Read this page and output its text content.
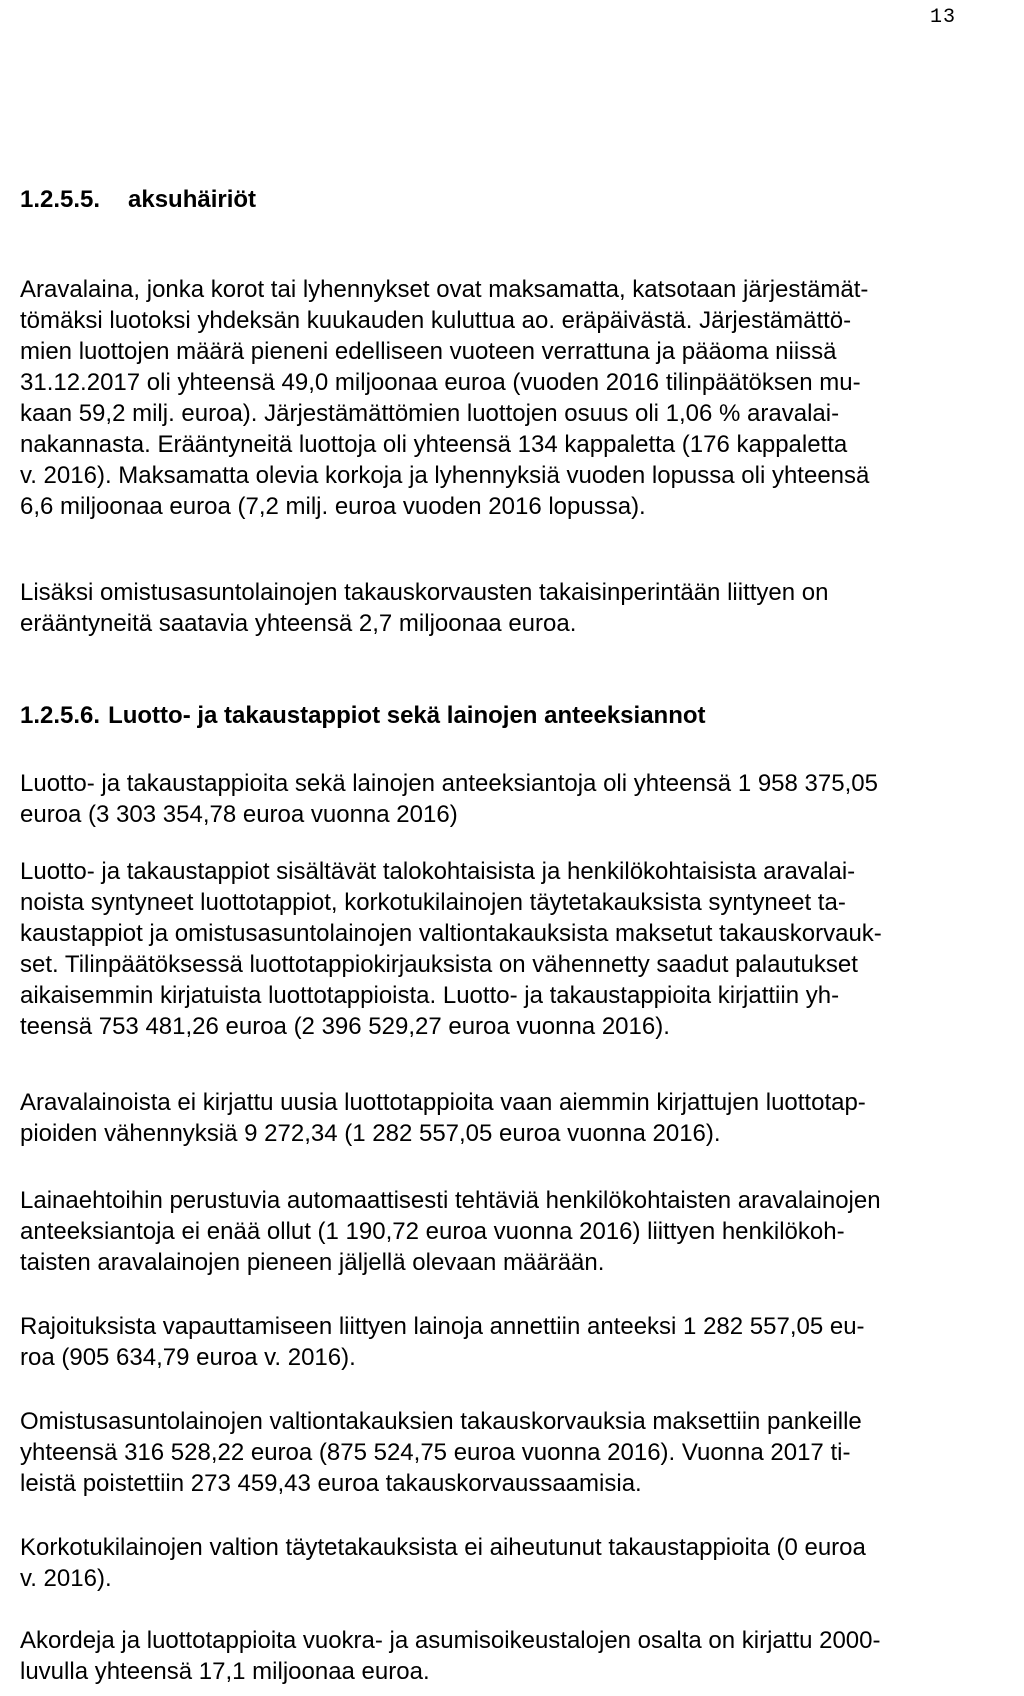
13
1.2.5.5. aksuhäiriöt

Aravalaina, jonka korot tai lyhennykset ovat maksamatta, katsotaan järjestämät-
tömäksi luotoksi yhdeksän kuukauden kuluttua ao. eräpäivästä. Järjestämättö-
mien luottojen määrä pieneni edelliseen vuoteen verrattuna ja pääoma niissä
31.12.2017 oli yhteensä 49,0 miljoonaa euroa (vuoden 2016 tilinpäätöksen mu-
kaan 59,2 milj. euroa). Järjestämättömien luottojen osuus oli 1,06 % aravalai-
nakannasta. Erääntyneitä luottoja oli yhteensä 134 kappaletta (176 kappaletta
v. 2016). Maksamatta olevia korkoja ja lyhennyksiä vuoden lopussa oli yhteensä
6,6 miljoonaa euroa (7,2 milj. euroa vuoden 2016 lopussa).

Lisäksi omistusasuntolainojen takauskorvausten takaisinperintään liittyen on
erääntyneitä saatavia yhteensä 2,7 miljoonaa euroa.

1.2.5.6. Luotto- ja takaustappiot sekä lainojen anteeksiannot

Luotto- ja takaustappioita sekä lainojen anteeksiantoja oli yhteensä 1 958 375,05
euroa (3 303 354,78 euroa vuonna 2016)

Luotto- ja takaustappiot sisältävät talokohtaisista ja henkilökohtaisista aravalai-
noista syntyneet luottotappiot, korkotukilainojen täytetakauksista syntyneet ta-
kaustappiot ja omistusasuntolainojen valtiontakauksista maksetut takauskorvauk-
set. Tilinpäätöksessä luottotappiokirjauksista on vähennetty saadut palautukset
aikaisemmin kirjatuista luottotappioista. Luotto- ja takaustappioita kirjattiin yh-
teensä 753 481,26 euroa (2 396 529,27 euroa vuonna 2016).

Aravalainoista ei kirjattu uusia luottotappioita vaan aiemmin kirjattujen luottotap-
pioiden vähennyksiä 9 272,34 (1 282 557,05 euroa vuonna 2016).

Lainaehtoihin perustuvia automaattisesti tehtäviä henkilökohtaisten aravalainojen
anteeksiantoja ei enää ollut (1 190,72 euroa vuonna 2016) liittyen henkilökoh-
taisten aravalainojen pieneen jäljellä olevaan määrään.

Rajoituksista vapauttamiseen liittyen lainoja annettiin anteeksi 1 282 557,05 eu-
roa (905 634,79 euroa v. 2016).

Omistusasuntolainojen valtiontakauksien takauskorvauksia maksettiin pankeille
yhteensä 316 528,22 euroa (875 524,75 euroa vuonna 2016). Vuonna 2017 ti-
leistä poistettiin 273 459,43 euroa takauskorvaussaamisia.

Korkotukilainojen valtion täytetakauksista ei aiheutunut takaustappioita (0 euroa
v. 2016).

Akordeja ja luottotappioita vuokra- ja asumisoikeustalojen osalta on kirjattu 2000-
luvulla yhteensä 17,1 miljoonaa euroa.
